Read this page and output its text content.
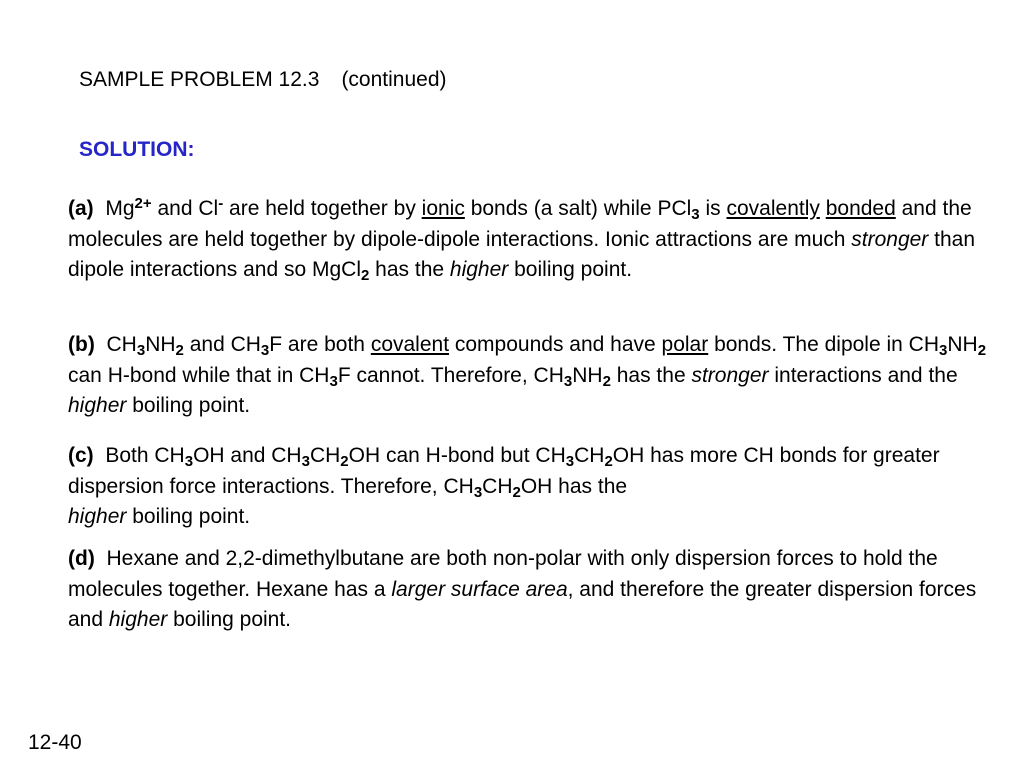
SAMPLE PROBLEM 12.3 (continued)
SOLUTION:

(a) $Mg^{2+}$ and Cl- are held together by ionic bonds (a salt) while PCl$_3$ is covalently bonded and the molecules are held together by dipole-dipole interactions. Ionic attractions are much stronger than dipole interactions and so MgCl$_2$ has the higher boiling point.

(b) $CH_3NH_2$ and $CH_3F$ are both covalent compounds and have polar bonds. The dipole in $CH_3NH_2$ can H-bond while that in $CH_3F$ cannot. Therefore, $CH_3NH_2$ has the stronger interactions and the higher boiling point.

(c) Both $CH_3OH$ and $CH_3CH_2OH$ can H-bond but $CH_3CH_2OH$ has more CH bonds for greater dispersion force interactions. Therefore, $CH_3CH_2OH$ has the
higher boiling point.

(d) Hexane and 2,2-dimethylbutane are both non-polar with only dispersion forces to hold the molecules together. Hexane has a larger surface area, and therefore the greater dispersion forces and higher boiling point.

12-40
